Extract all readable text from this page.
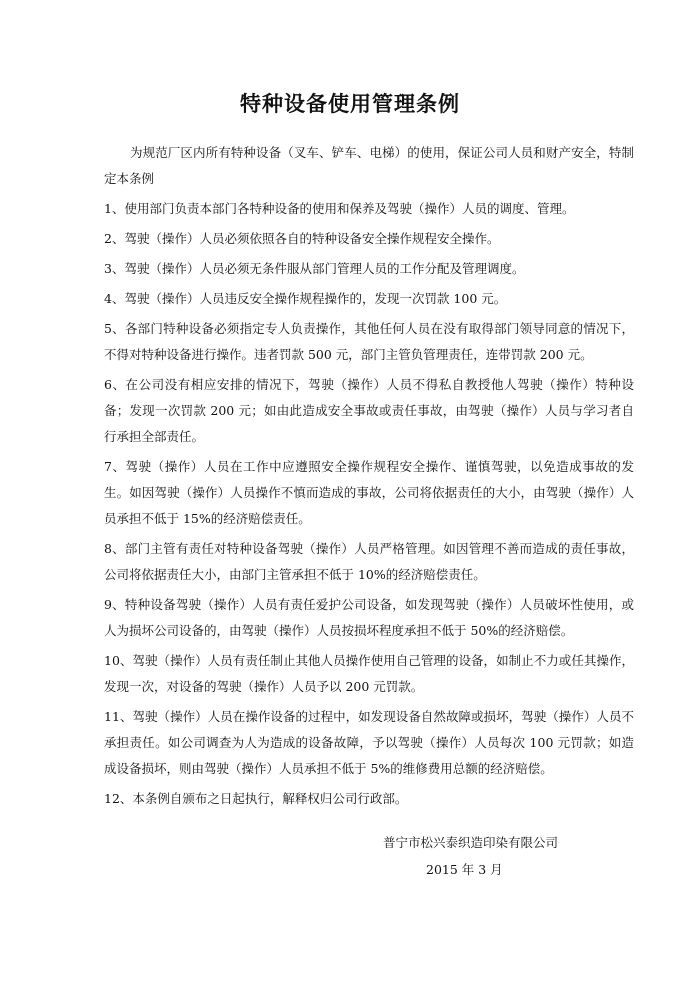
特种设备使用管理条例

为规范厂区内所有特种设备（叉车、铲车、电梯）的使用，保证公司人员和财产安全，特制定本条例

1、使用部门负责本部门各特种设备的使用和保养及驾驶（操作）人员的调度、管理。

2、驾驶（操作）人员必须依照各自的特种设备安全操作规程安全操作。

3、驾驶（操作）人员必须无条件服从部门管理人员的工作分配及管理调度。

4、驾驶（操作）人员违反安全操作规程操作的，发现一次罚款 100 元。

5、各部门特种设备必须指定专人负责操作，其他任何人员在没有取得部门领导同意的情况下，不得对特种设备进行操作。违者罚款 500 元，部门主管负管理责任，连带罚款 200 元。

6、在公司没有相应安排的情况下，驾驶（操作）人员不得私自教授他人驾驶（操作）特种设备；发现一次罚款 200 元；如由此造成安全事故或责任事故，由驾驶（操作）人员与学习者自行承担全部责任。

7、驾驶（操作）人员在工作中应遵照安全操作规程安全操作、谨慎驾驶，以免造成事故的发生。如因驾驶（操作）人员操作不慎而造成的事故，公司将依据责任的大小，由驾驶（操作）人员承担不低于 15%的经济赔偿责任。

8、部门主管有责任对特种设备驾驶（操作）人员严格管理。如因管理不善而造成的责任事故，公司将依据责任大小，由部门主管承担不低于 10%的经济赔偿责任。

9、特种设备驾驶（操作）人员有责任爱护公司设备，如发现驾驶（操作）人员破坏性使用，或人为损坏公司设备的，由驾驶（操作）人员按损坏程度承担不低于 50%的经济赔偿。

10、驾驶（操作）人员有责任制止其他人员操作使用自己管理的设备，如制止不力或任其操作，发现一次，对设备的驾驶（操作）人员予以 200 元罚款。

11、驾驶（操作）人员在操作设备的过程中，如发现设备自然故障或损坏，驾驶（操作）人员不承担责任。如公司调查为人为造成的设备故障，予以驾驶（操作）人员每次 100 元罚款；如造成设备损坏，则由驾驶（操作）人员承担不低于 5%的维修费用总额的经济赔偿。

12、本条例自颁布之日起执行，解释权归公司行政部。

普宁市松兴泰织造印染有限公司
2015 年 3 月
